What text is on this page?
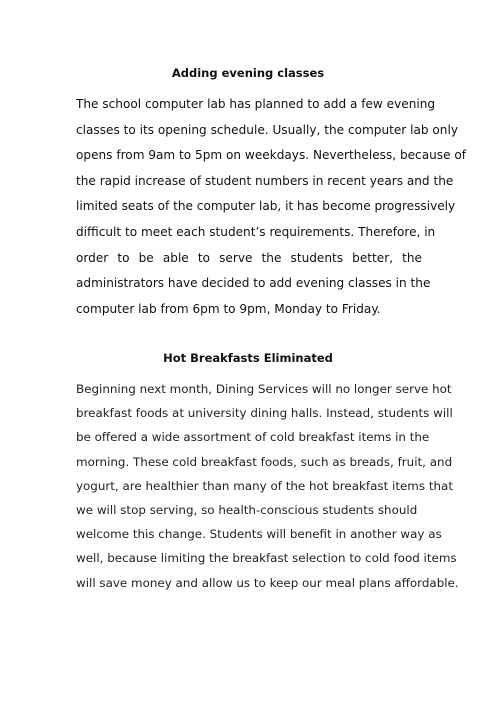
Adding evening classes
The school computer lab has planned to add a few evening
classes to its opening schedule. Usually, the computer lab only
opens from 9am to 5pm on weekdays. Nevertheless, because of
the rapid increase of student numbers in recent years and the
limited seats of the computer lab, it has become progressively
difficult to meet each student’s requirements. Therefore, in
order to be able to serve the students better, the
administrators have decided to add evening classes in the
computer lab from 6pm to 9pm, Monday to Friday.
Hot Breakfasts Eliminated
Beginning next month, Dining Services will no longer serve hot
breakfast foods at university dining halls. Instead, students will
be offered a wide assortment of cold breakfast items in the
morning. These cold breakfast foods, such as breads, fruit, and
yogurt, are healthier than many of the hot breakfast items that
we will stop serving, so health-conscious students should
welcome this change. Students will benefit in another way as
well, because limiting the breakfast selection to cold food items
will save money and allow us to keep our meal plans affordable.
